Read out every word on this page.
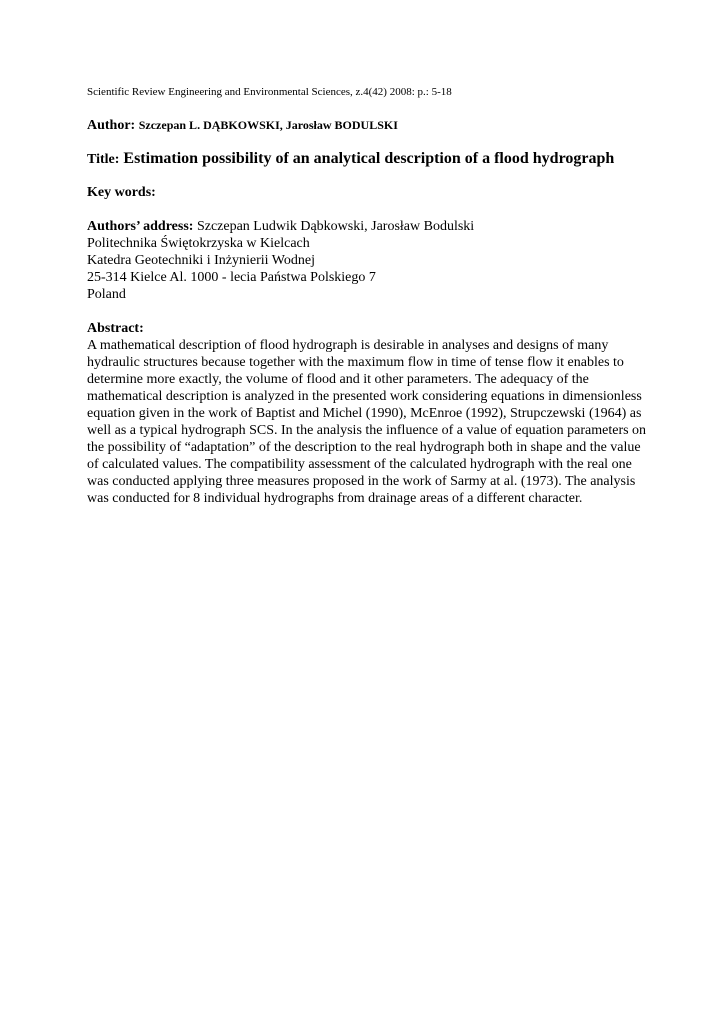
Scientific Review Engineering and Environmental Sciences, z.4(42) 2008: p.: 5-18

Author: Szczepan L. DĄBKOWSKI, Jarosław BODULSKI

Title: Estimation possibility of an analytical description of a flood hydrograph

Key words:

Authors’ address: Szczepan Ludwik Dąbkowski, Jarosław Bodulski
Politechnika Świętokrzyska w Kielcach
Katedra Geotechniki i Inżynierii Wodnej
25-314 Kielce Al. 1000 - lecia Państwa Polskiego 7
Poland

Abstract:

A mathematical description of flood hydrograph is desirable in analyses and designs of many hydraulic structures because together with the maximum flow in time of tense flow it enables to determine more exactly, the volume of flood and it other parameters. The adequacy of the mathematical description is analyzed in the presented work considering equations in dimensionless equation given in the work of Baptist and Michel (1990), McEnroe (1992), Strupczewski (1964) as well as a typical hydrograph SCS. In the analysis the influence of a value of equation parameters on the possibility of “adaptation” of the description to the real hydrograph both in shape and the value of calculated values. The compatibility assessment of the calculated hydrograph with the real one was conducted applying three measures proposed in the work of Sarmy at al. (1973). The analysis was conducted for 8 individual hydrographs from drainage areas of a different character.
